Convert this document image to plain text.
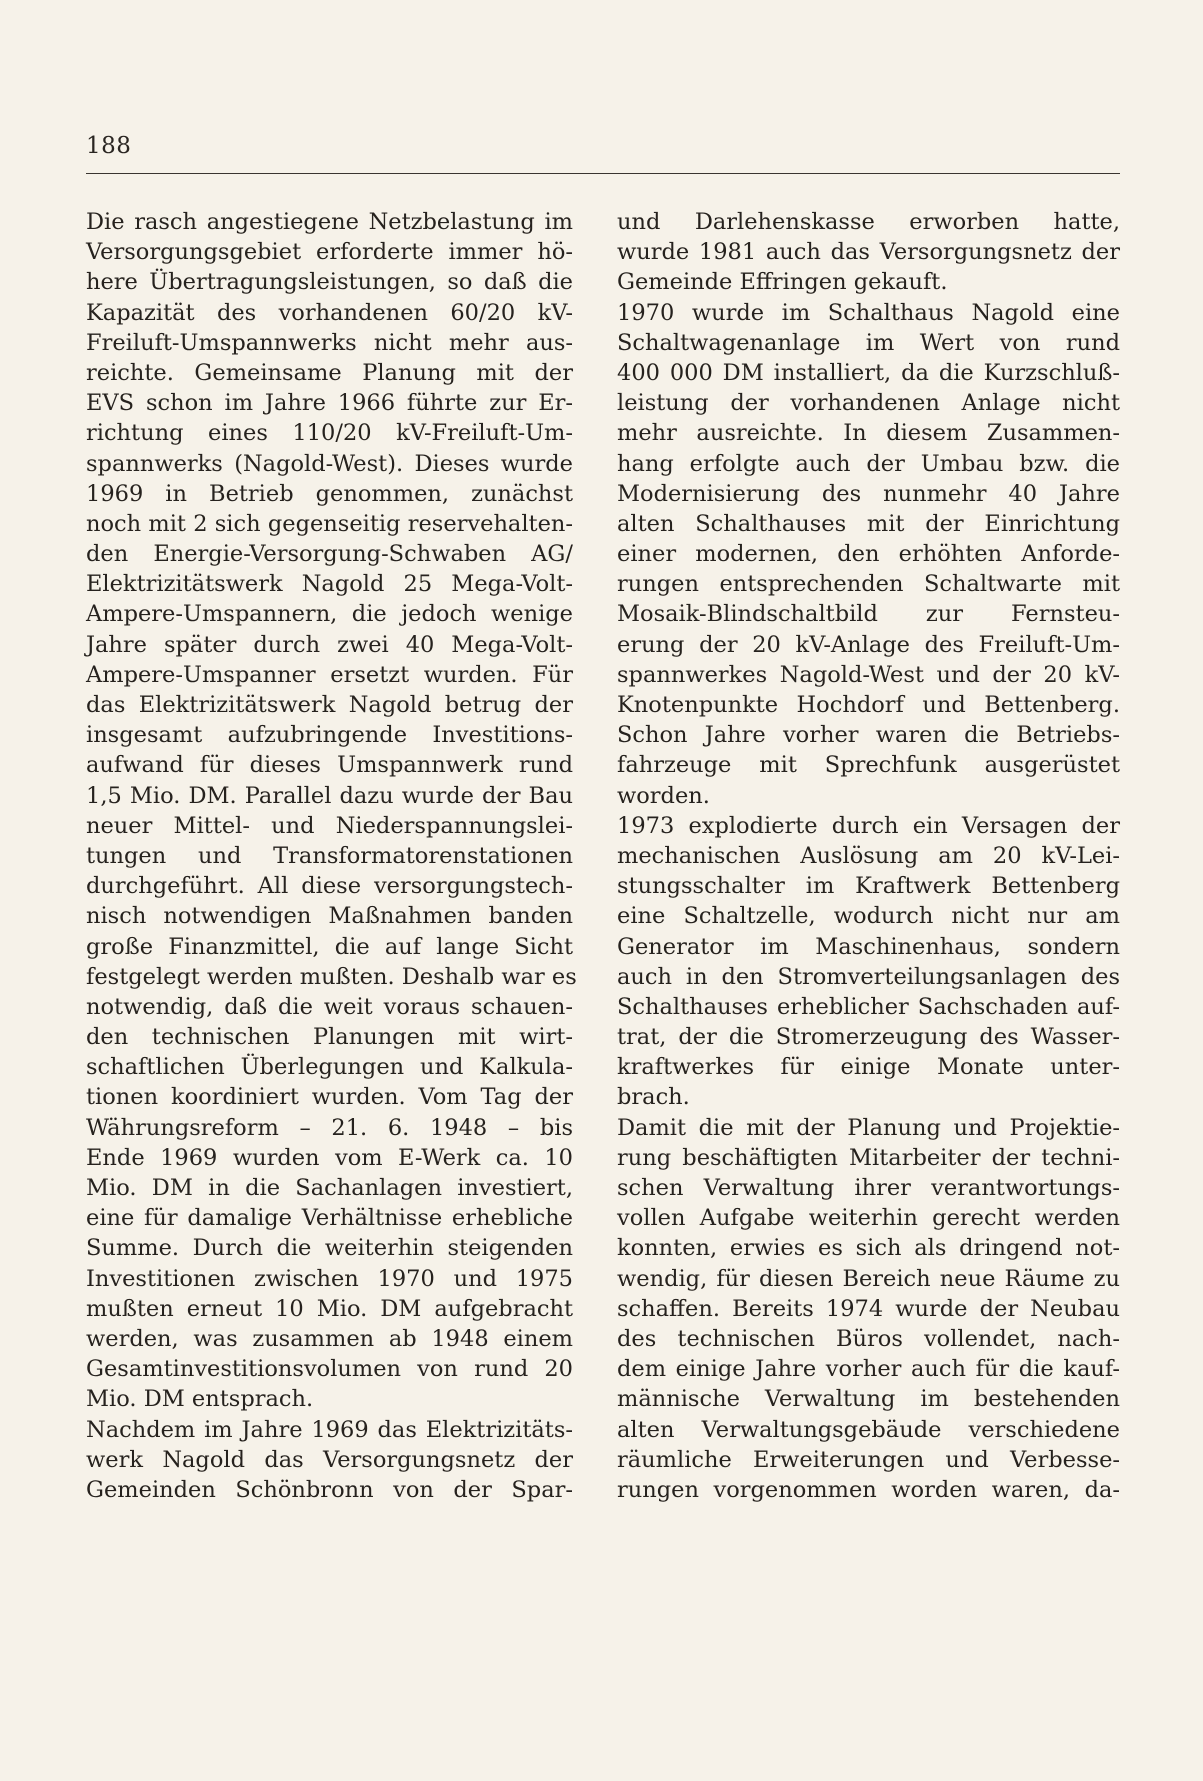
188
Die rasch angestiegene Netzbelastung im
Versorgungsgebiet erforderte immer hö-
here Übertragungsleistungen, so daß die
Kapazität des vorhandenen 60/20 kV-
Freiluft-Umspannwerks nicht mehr aus-
reichte. Gemeinsame Planung mit der
EVS schon im Jahre 1966 führte zur Er-
richtung eines 110/20 kV-Freiluft-Um-
spannwerks (Nagold-West). Dieses wurde
1969 in Betrieb genommen, zunächst
noch mit 2 sich gegenseitig reservehalten-
den Energie-Versorgung-Schwaben AG/
Elektrizitätswerk Nagold 25 Mega-Volt-
Ampere-Umspannern, die jedoch wenige
Jahre später durch zwei 40 Mega-Volt-
Ampere-Umspanner ersetzt wurden. Für
das Elektrizitätswerk Nagold betrug der
insgesamt aufzubringende Investitions-
aufwand für dieses Umspannwerk rund
1,5 Mio. DM. Parallel dazu wurde der Bau
neuer Mittel- und Niederspannungslei-
tungen und Transformatorenstationen
durchgeführt. All diese versorgungstech-
nisch notwendigen Maßnahmen banden
große Finanzmittel, die auf lange Sicht
festgelegt werden mußten. Deshalb war es
notwendig, daß die weit voraus schauen-
den technischen Planungen mit wirt-
schaftlichen Überlegungen und Kalkula-
tionen koordiniert wurden. Vom Tag der
Währungsreform – 21. 6. 1948 – bis
Ende 1969 wurden vom E-Werk ca. 10
Mio. DM in die Sachanlagen investiert,
eine für damalige Verhältnisse erhebliche
Summe. Durch die weiterhin steigenden
Investitionen zwischen 1970 und 1975
mußten erneut 10 Mio. DM aufgebracht
werden, was zusammen ab 1948 einem
Gesamtinvestitionsvolumen von rund 20
Mio. DM entsprach.
Nachdem im Jahre 1969 das Elektrizitäts-
werk Nagold das Versorgungsnetz der
Gemeinden Schönbronn von der Spar-
und Darlehenskasse erworben hatte,
wurde 1981 auch das Versorgungsnetz der
Gemeinde Effringen gekauft.
1970 wurde im Schalthaus Nagold eine
Schaltwagenanlage im Wert von rund
400 000 DM installiert, da die Kurzschluß-
leistung der vorhandenen Anlage nicht
mehr ausreichte. In diesem Zusammen-
hang erfolgte auch der Umbau bzw. die
Modernisierung des nunmehr 40 Jahre
alten Schalthauses mit der Einrichtung
einer modernen, den erhöhten Anforde-
rungen entsprechenden Schaltwarte mit
Mosaik-Blindschaltbild zur Fernsteu-
erung der 20 kV-Anlage des Freiluft-Um-
spannwerkes Nagold-West und der 20 kV-
Knotenpunkte Hochdorf und Bettenberg.
Schon Jahre vorher waren die Betriebs-
fahrzeuge mit Sprechfunk ausgerüstet
worden.
1973 explodierte durch ein Versagen der
mechanischen Auslösung am 20 kV-Lei-
stungsschalter im Kraftwerk Bettenberg
eine Schaltzelle, wodurch nicht nur am
Generator im Maschinenhaus, sondern
auch in den Stromverteilungsanlagen des
Schalthauses erheblicher Sachschaden auf-
trat, der die Stromerzeugung des Wasser-
kraftwerkes für einige Monate unter-
brach.
Damit die mit der Planung und Projektie-
rung beschäftigten Mitarbeiter der techni-
schen Verwaltung ihrer verantwortungs-
vollen Aufgabe weiterhin gerecht werden
konnten, erwies es sich als dringend not-
wendig, für diesen Bereich neue Räume zu
schaffen. Bereits 1974 wurde der Neubau
des technischen Büros vollendet, nach-
dem einige Jahre vorher auch für die kauf-
männische Verwaltung im bestehenden
alten Verwaltungsgebäude verschiedene
räumliche Erweiterungen und Verbesse-
rungen vorgenommen worden waren, da-
